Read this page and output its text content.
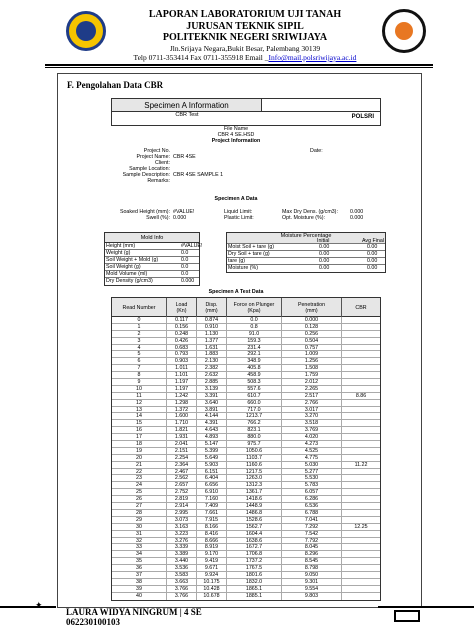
LAPORAN LABORATORIUM UJI TANAH
JURUSAN TEKNIK SIPIL
POLITEKNIK NEGERI SRIWIJAYA
Jln.Srijaya Negara,Bukit Besar, Palembang 30139
Telp 0711-353414 Fax 0711-355918 Email _Info@mail.polsriwijaya.ac.id
F. Pengolahan Data CBR
Specimen A Information
CBR Test	POLSRI
File Name
CBR 4 SE.HSD
Project Information
Project No.	Date:
Project Name: CBR 4SE
Client:
Sample Location:
Sample Description: CBR 4SE SAMPLE 1
Remarks:
Specimen A Data
Soaked Height (mm): #VALUE!
Swell (%): 0.000
Liquid Limit:
Plastic Limit:
Max Dry Dens. (g/cm3): 0.000
Opt. Moisture (%):	0.000
Mold Info
Height (mm)	#VALUE!
Weight (g)	0.0
Soil Weight + Mold (g)	0.0
Soil Weight (g)	0.0
Mold Volume (ml)	0.0
Dry Density (g/cm3)	0.000
Moisture Percentage
Initial	Avg Final
Moist Soil + tare (g)	0.00	0.00
Dry Soil + tare (g)	0.00	0.00
tare (g)	0.00	0.00
Moisture (%)	0.00	0.00
Specimen A Test Data
Read Number	Load
(Kn)
Disp.
(mm)
Force on Plunger
(Kpa)
Penetration
(mm)	CBR
0	0.117	0.874	0.0	0.000
1	0.156	0.910	0.8	0.128
2	0.248	1.130	91.0	0.256
3	0.426	1.377	159.3	0.504
4	0.683	1.631	231.4	0.757
5	0.793	1.883	292.1	1.009
6	0.903	2.130	348.9	1.256
7	1.011	2.382	405.8	1.508
8	1.101	2.632	458.9	1.759
9	1.197	2.885	508.3	2.012
10	1.197	3.139	557.6	2.265
11	1.242	3.391	610.7	2.517	8.86
12	1.298	3.640	660.0	2.766
13	1.372	3.891	717.0	3.017
14	1.600	4.144	1213.7	3.270
15	1.710	4.391	766.2	3.518
16	1.821	4.643	823.1	3.769
17	1.931	4.893	880.0	4.020
18	2.041	5.147	975.7	4.273
19	2.151	5.399	1050.6	4.525
20	2.254	5.649	1103.7	4.775
21	2.364	5.903	1160.6	5.030	11.22
22	2.467	6.151	1217.5	5.277
23	2.562	6.404	1263.0	5.530
24	2.657	6.656	1312.3	5.783
25	2.752	6.910	1361.7	6.057
26	2.819	7.160	1418.6	6.286
27	2.914	7.409	1448.9	6.536
28	2.995	7.661	1486.8	6.788
29	3.073	7.915	1528.6	7.041
30	3.163	8.166	1562.7	7.292	12.25
31	3.223	8.416	1604.4	7.542
32	3.276	8.666	1638.6	7.792
33	3.339	8.919	1672.7	8.045
34	3.389	9.170	1706.8	8.296
35	3.440	9.419	1737.2	8.545
36	3.536	9.671	1767.5	8.798
37	3.583	9.924	1801.6	9.050
38	3.663	10.175	1832.0	9.301
39	3.766	10.428	1865.1	9.554
40	3.766	10.678	1885.1	9.803
✦
LAURA WIDYA NINGRUM | 4 SE
062230100103
